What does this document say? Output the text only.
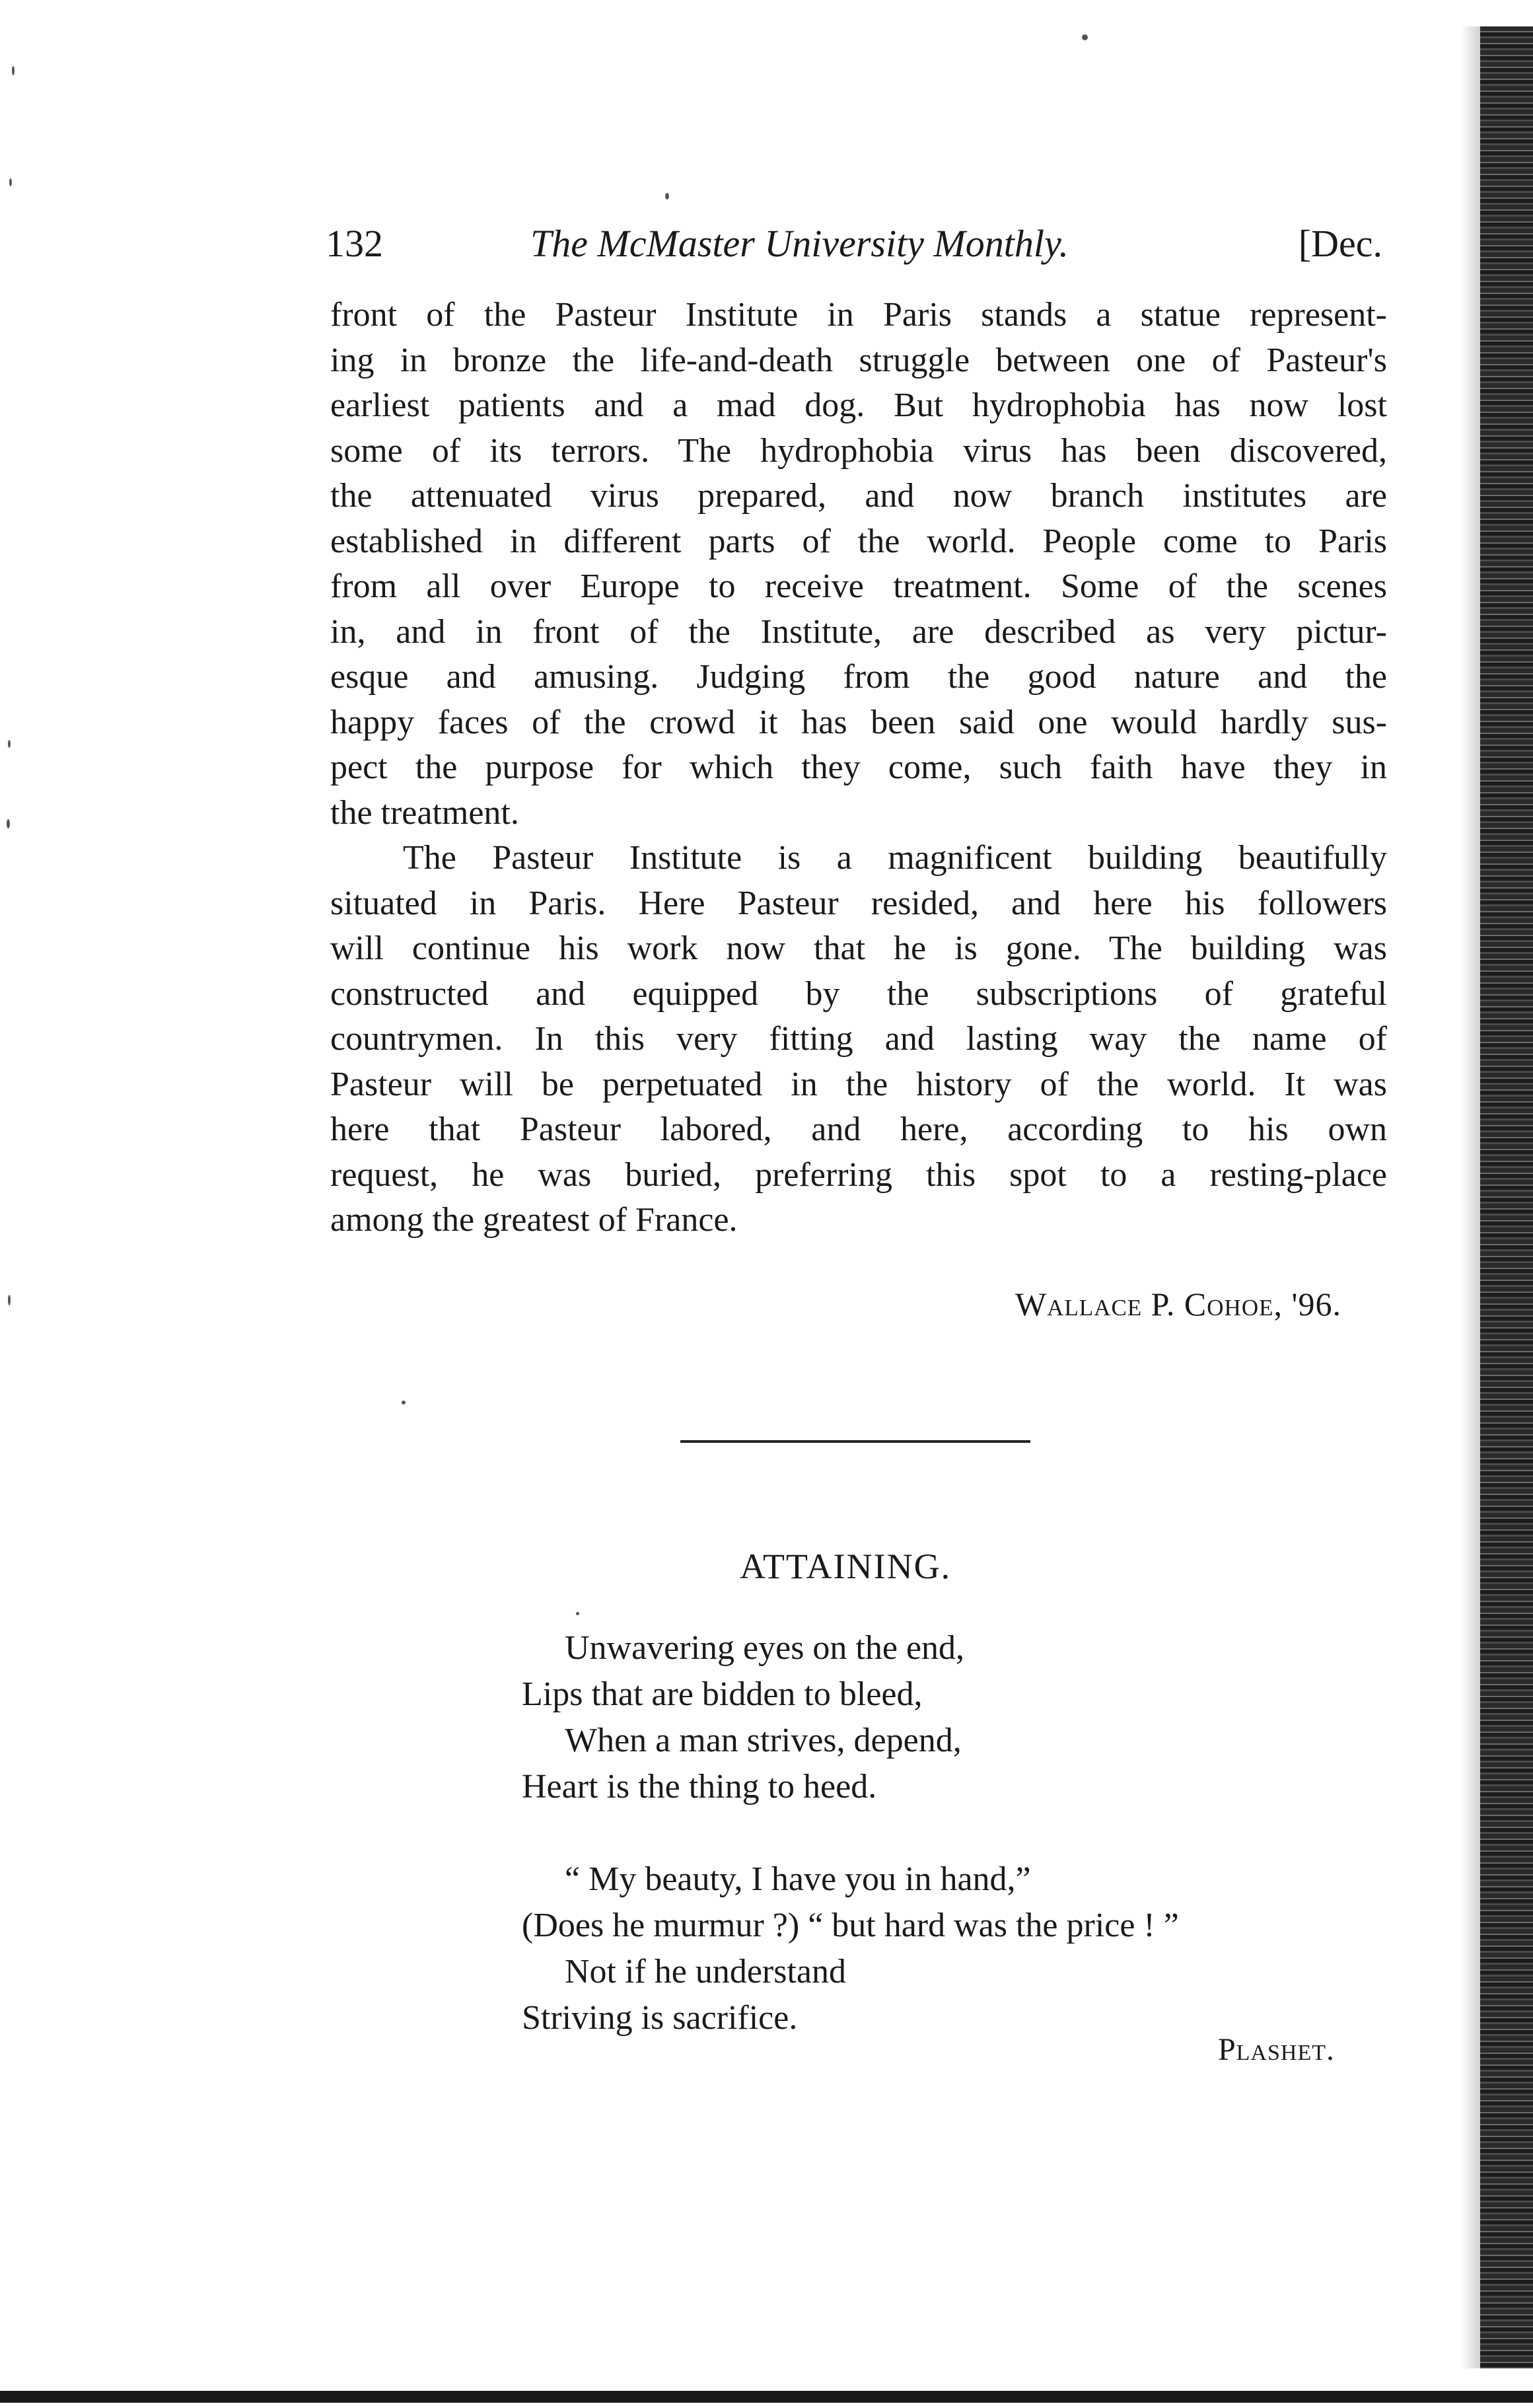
132	The McMaster University Monthly.	[Dec.
front of the Pasteur Institute in Paris stands a statue represent-
ing in bronze the life-and-death struggle between one of Pasteur's
earliest patients and a mad dog. But hydrophobia has now lost
some of its terrors. The hydrophobia virus has been discovered,
the attenuated virus prepared, and now branch institutes are
established in different parts of the world. People come to Paris
from all over Europe to receive treatment. Some of the scenes
in, and in front of the Institute, are described as very pictur-
esque and amusing. Judging from the good nature and the
happy faces of the crowd it has been said one would hardly sus-
pect the purpose for which they come, such faith have they in
the treatment.
The Pasteur Institute is a magnificent building beautifully
situated in Paris. Here Pasteur resided, and here his followers
will continue his work now that he is gone. The building was
constructed and equipped by the subscriptions of grateful
countrymen. In this very fitting and lasting way the name of
Pasteur will be perpetuated in the history of the world. It was
here that Pasteur labored, and here, according to his own
request, he was buried, preferring this spot to a resting-place
among the greatest of France.
Wallace P. Cohoe, '96.
ATTAINING.
Unwavering eyes on the end,
Lips that are bidden to bleed,
When a man strives, depend,
Heart is the thing to heed.
“ My beauty, I have you in hand,”
(Does he murmur ?) “ but hard was the price ! ”
Not if he understand
Striving is sacrifice.
Plashet.
